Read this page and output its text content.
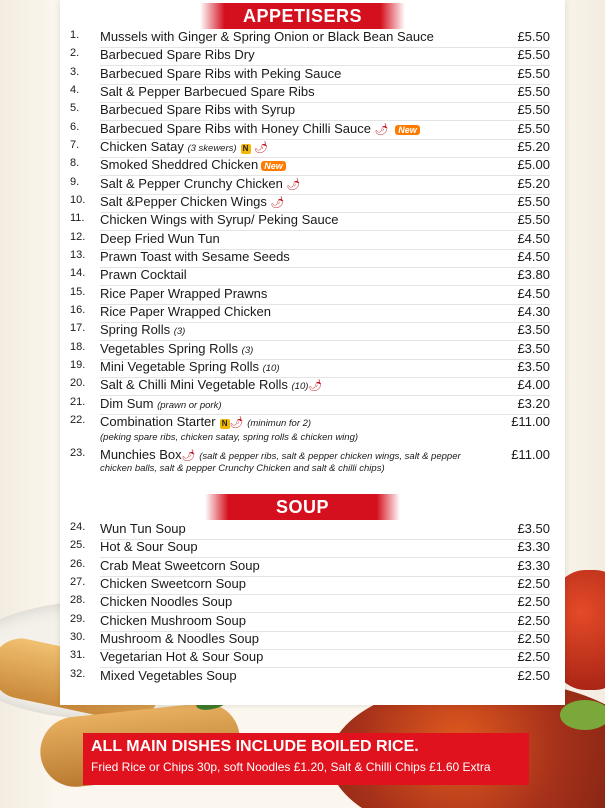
APPETISERS
1. Mussels with Ginger & Spring Onion or Black Bean Sauce	£5.50
2. Barbecued Spare Ribs Dry	£5.50
3. Barbecued Spare Ribs with Peking Sauce	£5.50
4. Salt & Pepper Barbecued Spare Ribs	£5.50
5. Barbecued Spare Ribs with Syrup	£5.50
6. Barbecued Spare Ribs with Honey Chilli Sauce 🌶 New	£5.50
7. Chicken Satay (3 skewers) N 🌶	£5.20
8. Smoked Sheddred Chicken New	£5.00
9. Salt & Pepper Crunchy Chicken 🌶	£5.20
10. Salt &Pepper Chicken Wings 🌶	£5.50
11. Chicken Wings with Syrup/ Peking Sauce	£5.50
12. Deep Fried Wun Tun	£4.50
13. Prawn Toast with Sesame Seeds	£4.50
14. Prawn Cocktail	£3.80
15. Rice Paper Wrapped Prawns	£4.50
16. Rice Paper Wrapped Chicken	£4.30
17. Spring Rolls (3)	£3.50
18. Vegetables Spring Rolls (3)	£3.50
19. Mini Vegetable Spring Rolls (10)	£3.50
20. Salt & Chilli Mini Vegetable Rolls (10)🌶	£4.00
21. Dim Sum (prawn or pork)	£3.20
22. Combination Starter N 🌶 (minimun for 2)	£11.00
(peking spare ribs, chicken satay, spring rolls & chicken wing)
23. Munchies Box🌶 (salt & pepper ribs, salt & pepper chicken wings, salt & pepper	£11.00
chicken balls, salt & pepper Crunchy Chicken and salt & chilli chips)
SOUP
24. Wun Tun Soup	£3.50
25. Hot & Sour Soup	£3.30
26. Crab Meat Sweetcorn Soup	£3.30
27. Chicken Sweetcorn Soup	£2.50
28. Chicken Noodles Soup	£2.50
29. Chicken Mushroom Soup	£2.50
30. Mushroom & Noodles Soup	£2.50
31. Vegetarian Hot & Sour Soup	£2.50
32. Mixed Vegetables Soup	£2.50
ALL MAIN DISHES INCLUDE BOILED RICE.
Fried Rice or Chips 30p, soft Noodles £1.20, Salt & Chilli Chips £1.60 Extra
